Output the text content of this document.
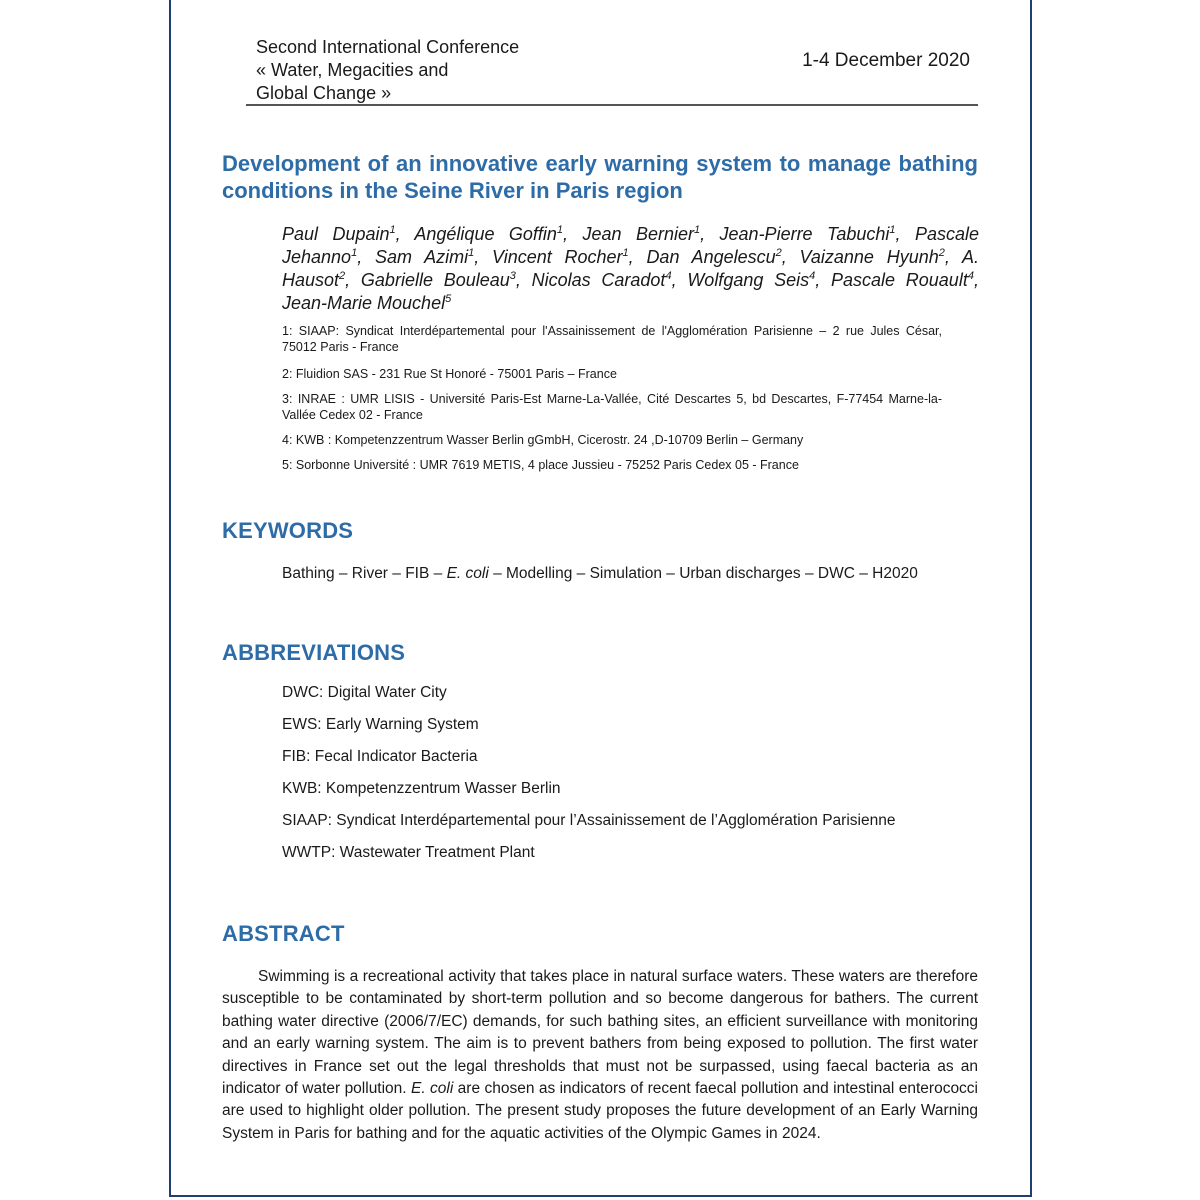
Second International Conference
« Water, Megacities and
Global Change »
1-4 December 2020
Development of an innovative early warning system to manage bathing conditions in the Seine River in Paris region
Paul Dupain$^1$, Angélique Goffin$^1$, Jean Bernier$^1$, Jean-Pierre Tabuchi$^1$, Pascale Jehanno$^1$, Sam Azimi$^1$, Vincent Rocher$^1$, Dan Angelescu$^2$, Vaizanne Hyunh$^2$, A. Hausot$^2$, Gabrielle Bouleau$^3$, Nicolas Caradot$^4$, Wolfgang Seis$^4$, Pascale Rouault$^4$, Jean-Marie Mouchel$^5$
1: SIAAP: Syndicat Interdépartemental pour l'Assainissement de l'Agglomération Parisienne – 2 rue Jules César, 75012 Paris - France
2: Fluidion SAS - 231 Rue St Honoré - 75001 Paris – France
3: INRAE : UMR LISIS - Université Paris-Est Marne-La-Vallée, Cité Descartes 5, bd Descartes, F-77454 Marne-la-Vallée Cedex 02 - France
4: KWB : Kompetenzzentrum Wasser Berlin gGmbH, Cicerostr. 24 ,D-10709 Berlin – Germany
5: Sorbonne Université : UMR 7619 METIS, 4 place Jussieu - 75252 Paris Cedex 05 - France
KEYWORDS
Bathing – River – FIB – E. coli – Modelling – Simulation – Urban discharges – DWC – H2020
ABBREVIATIONS
DWC: Digital Water City
EWS: Early Warning System
FIB: Fecal Indicator Bacteria
KWB: Kompetenzzentrum Wasser Berlin
SIAAP: Syndicat Interdépartemental pour l’Assainissement de l’Agglomération Parisienne
WWTP: Wastewater Treatment Plant
ABSTRACT
Swimming is a recreational activity that takes place in natural surface waters. These waters are therefore susceptible to be contaminated by short-term pollution and so become dangerous for bathers. The current bathing water directive (2006/7/EC) demands, for such bathing sites, an efficient surveillance with monitoring and an early warning system. The aim is to prevent bathers from being exposed to pollution. The first water directives in France set out the legal thresholds that must not be surpassed, using faecal bacteria as an indicator of water pollution. E. coli are chosen as indicators of recent faecal pollution and intestinal enterococci are used to highlight older pollution. The present study proposes the future development of an Early Warning System in Paris for bathing and for the aquatic activities of the Olympic Games in 2024.
